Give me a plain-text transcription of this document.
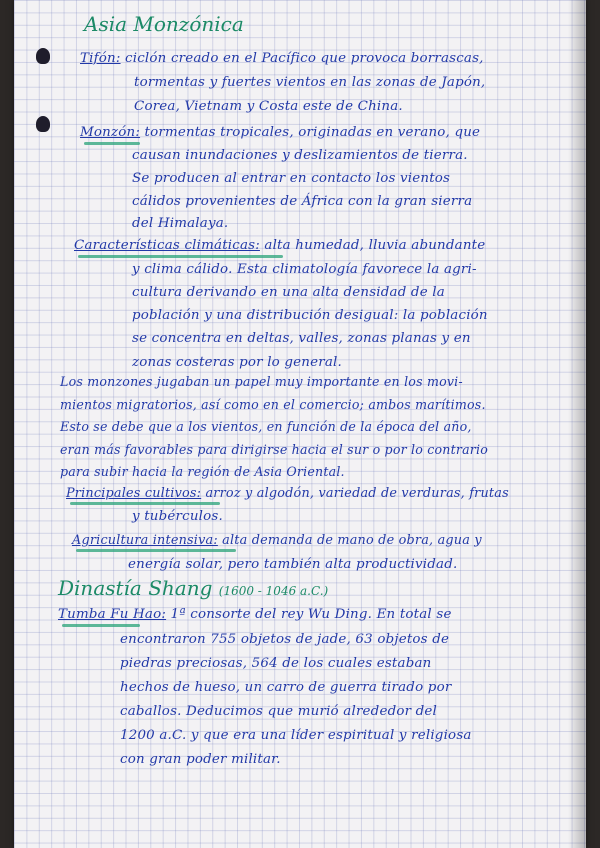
Asia Monzónica
Tifón: ciclón creado en el Pacífico que provoca borrascas,
tormentas y fuertes vientos en las zonas de Japón,
Corea, Vietnam y Costa este de China.
Monzón: tormentas tropicales, originadas en verano, que
causan inundaciones y deslizamientos de tierra.
Se producen al entrar en contacto los vientos
cálidos provenientes de África con la gran sierra
del Himalaya.
Características climáticas: alta humedad, lluvia abundante
y clima cálido. Esta climatología favorece la agri-
cultura derivando en una alta densidad de la
población y una distribución desigual: la población
se concentra en deltas, valles, zonas planas y en
zonas costeras por lo general.
Los monzones jugaban un papel muy importante en los movi-
mientos migratorios, así como en el comercio; ambos marítimos.
Esto se debe que a los vientos, en función de la época del año,
eran más favorables para dirigirse hacia el sur o por lo contrario
para subir hacia la región de Asia Oriental.
Principales cultivos: arroz y algodón, variedad de verduras, frutas
y tubérculos.
Agricultura intensiva: alta demanda de mano de obra, agua y
energía solar, pero también alta productividad.
Dinastía Shang (1600 - 1046 a.C.)
Tumba Fu Hao: 1ª consorte del rey Wu Ding. En total se
encontraron 755 objetos de jade, 63 objetos de
piedras preciosas, 564 de los cuales estaban
hechos de hueso, un carro de guerra tirado por
caballos. Deducimos que murió alrededor del
1200 a.C. y que era una líder espiritual y religiosa
con gran poder militar.
